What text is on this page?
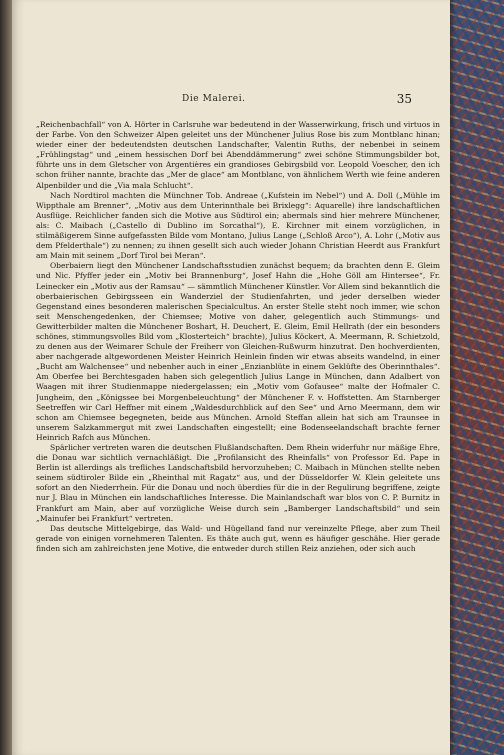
Die Malerei.	35

„Reichenbachfall“ von A. Hörter in Carlsruhe war bedeutend in der Wasserwirkung, frisch und virtuos in der Farbe. Von den Schweizer Alpen geleitet uns der Münchener Julius Rose bis zum Montblanc hinan; wieder einer der bedeutendsten deutschen Landschafter, Valentin Ruths, der nebenbei in seinem „Frühlingstag“ und „einem hessischen Dorf bei Abenddämmerung“ zwei schöne Stimmungsbilder bot, führte uns in dem Gletscher von Argentières ein grandioses Gebirgsbild vor. Leopold Voescher, den ich schon früher nannte, brachte das „Mer de glace“ am Montblanc, von ähnlichem Werth wie feine anderen Alpenbilder und die „Via mala Schlucht“.

Nach Nordtirol machten die Münchner Tob. Andreae („Kufstein im Nebel“) und A. Doll („Mühle im Wippthale am Brenner“, „Motiv aus dem Unterinnthale bei Brixlegg“: Aquarelle) ihre landschaftlichen Ausflüge. Reichlicher fanden sich die Motive aus Südtirol ein; abermals sind hier mehrere Münchener, als: C. Maibach („Castello di Dublino im Sorcathal“), E. Kirchner mit einem vorzüglichen, in stilmäßigerem Sinne aufgefassten Bilde vom Montano, Julius Lange („Schloß Arco“), A. Lohr („Motiv aus dem Pfelderthale“) zu nennen; zu ihnen gesellt sich auch wieder Johann Christian Heerdt aus Frankfurt am Main mit seinem „Dorf Tirol bei Meran“.

Oberbaiern liegt den Münchener Landschaftsstudien zunächst bequem; da brachten denn E. Gleim und Nic. Pfyffer jeder ein „Motiv bei Brannenburg“, Josef Hahn die „Hohe Göll am Hintersee“, Fr. Leinecker ein „Motiv aus der Ramsau“ — sämmtlich Münchener Künstler. Vor Allem sind bekanntlich die oberbaierischen Gebirgsseen ein Wanderziel der Studienfahrten, und jeder derselben wieder Gegenstand eines besonderen malerischen Specialcultus. An erster Stelle steht noch immer, wie schon seit Menschengedenken, der Chiemsee; Motive von daher, gelegentlich auch Stimmungs- und Gewitterbilder malten die Münchener Boshart, H. Deuchert, E. Gleim, Emil Hellrath (der ein besonders schönes, stimmungsvolles Bild vom „Klosterteich“ brachte), Julius Köckert, A. Meermann, R. Schietzold, zu denen aus der Weimarer Schule der Freiherr von Gleichen-Rußwurm hinzutrat. Den hochverdienten, aber nachgerade altgewordenen Meister Heinrich Heinlein finden wir etwas abseits wandelnd, in einer „Bucht am Walchensee“ und nebenher auch in einer „Enzianblüte in einem Geklüfte des Oberinnthales“. Am Oberfee bei Berchtesgaden haben sich gelegentlich Julius Lange in München, dann Adalbert von Waagen mit ihrer Studienmappe niedergelassen; ein „Motiv vom Gofausee“ malte der Hofmaler C. Jungheim, den „Königssee bei Morgenbeleuchtung“ der Münchener F. v. Hoffstetten. Am Starnberger Seetreffen wir Carl Heffner mit einem „Waldesdurchblick auf den See“ und Arno Meermann, dem wir schon am Chiemsee begegneten, beide aus München. Arnold Steffan allein hat sich am Traunsee in unserem Salzkammergut mit zwei Landschaften eingestellt; eine Bodenseelandschaft brachte ferner Heinrich Rafch aus München.

Spärlicher vertreten waren die deutschen Flußlandschaften. Dem Rhein widerfuhr nur mäßige Ehre, die Donau war sichtlich vernachläßigt. Die „Profilansicht des Rheinfalls“ von Professor Ed. Pape in Berlin ist allerdings als trefliches Landschaftsbild hervorzuheben; C. Maibach in München stellte neben seinem südtiroler Bilde ein „Rheinthal mit Ragatz“ aus, und der Düsseldorfer W. Klein geleitete uns sofort an den Niederrhein. Für die Donau und noch überdies für die in der Regulirung begriffene, zeigte nur J. Blau in München ein landschaftliches Interesse. Die Mainlandschaft war blos von C. P. Burnitz in Frankfurt am Main, aber auf vorzügliche Weise durch sein „Bamberger Landschaftsbild“ und sein „Mainufer bei Frankfurt“ vertreten.

Das deutsche Mittelgebirge, das Wald- und Hügelland fand nur vereinzelte Pflege, aber zum Theil gerade von einigen vornehmeren Talenten. Es thäte auch gut, wenn es häufiger geschähe. Hier gerade finden sich am zahlreichsten jene Motive, die entweder durch stillen Reiz anziehen, oder sich auch
